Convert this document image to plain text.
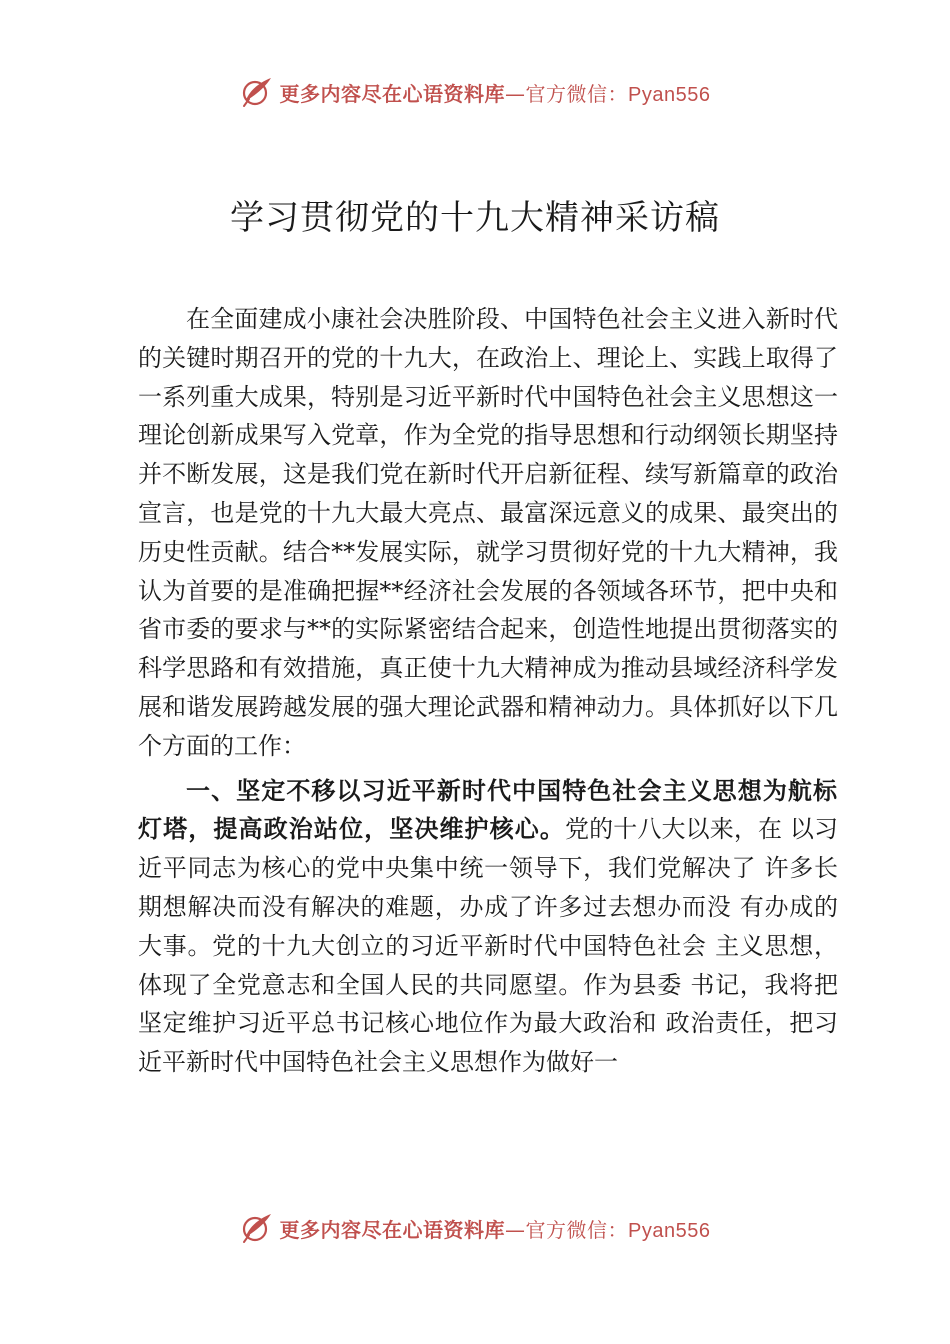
更多内容尽在心语资料库—官方微信：Pyan556
学习贯彻党的十九大精神采访稿

在全面建成小康社会决胜阶段、中国特色社会主义进入新时代的关键时期召开的党的十九大，在政治上、理论上、实践上取得了一系列重大成果，特别是习近平新时代中国特色社会主义思想这一理论创新成果写入党章，作为全党的指导思想和行动纲领长期坚持并不断发展，这是我们党在新时代开启新征程、续写新篇章的政治宣言，也是党的十九大最大亮点、最富深远意义的成果、最突出的历史性贡献。结合**发展实际，就学习贯彻好党的十九大精神，我认为首要的是准确把握**经济社会发展的各领域各环节，把中央和省市委的要求与**的实际紧密结合起来，创造性地提出贯彻落实的科学思路和有效措施，真正使十九大精神成为推动县域经济科学发展和谐发展跨越发展的强大理论武器和精神动力。具体抓好以下几个方面的工作：

一、坚定不移以习近平新时代中国特色社会主义思想为航标灯塔，提高政治站位，坚决维护核心。党的十八大以来，在 以习近平同志为核心的党中央集中统一领导下，我们党解决了 许多长期想解决而没有解决的难题，办成了许多过去想办而没 有办成的大事。党的十九大创立的习近平新时代中国特色社会 主义思想，体现了全党意志和全国人民的共同愿望。作为县委 书记，我将把坚定维护习近平总书记核心地位作为最大政治和 政治责任，把习近平新时代中国特色社会主义思想作为做好一

更多内容尽在心语资料库—官方微信：Pyan556
